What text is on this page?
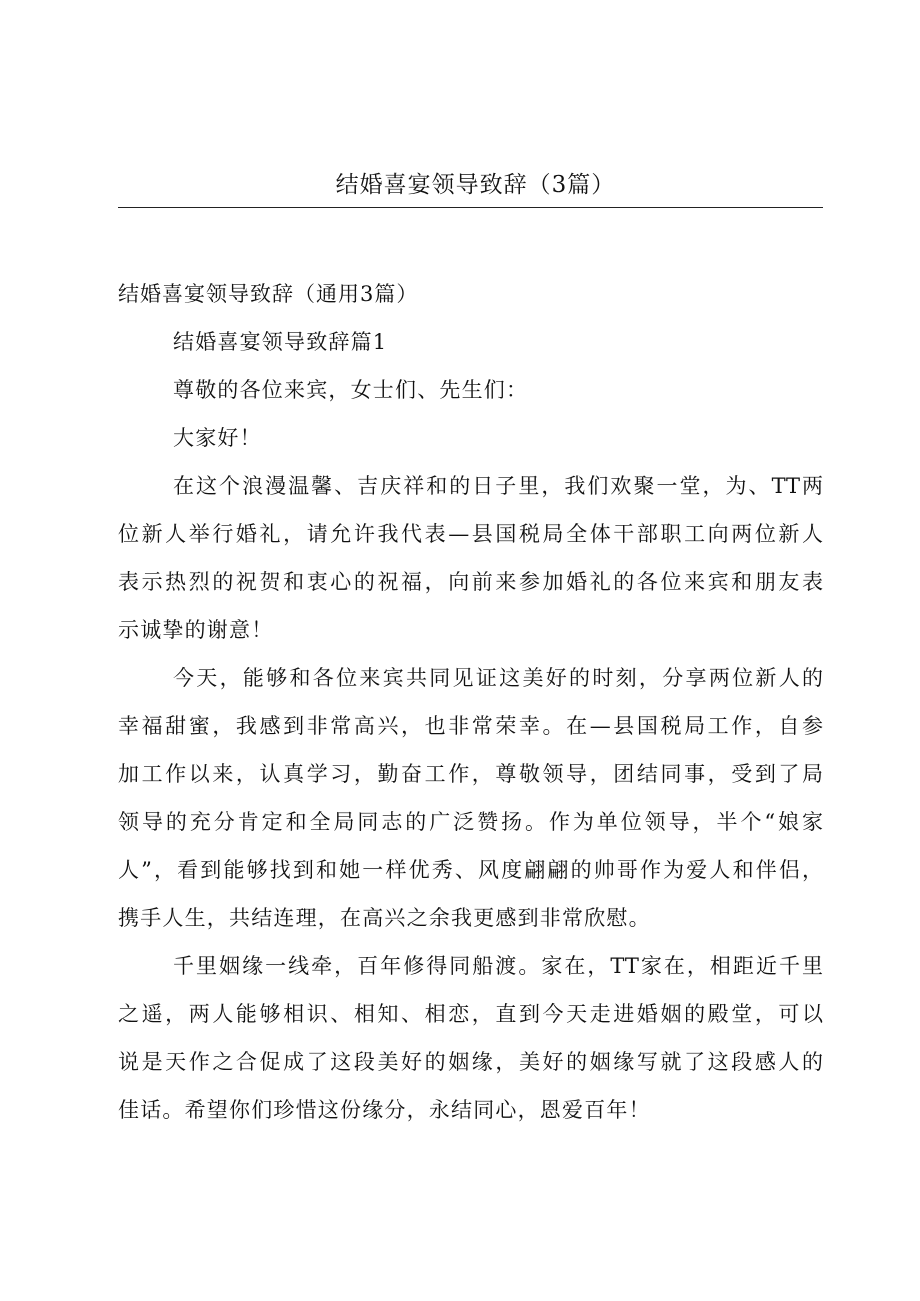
结婚喜宴领导致辞（3篇）

结婚喜宴领导致辞（通用3篇）

结婚喜宴领导致辞篇1

尊敬的各位来宾，女士们、先生们：

大家好！

在这个浪漫温馨、吉庆祥和的日子里，我们欢聚一堂，为、TT两

位新人举行婚礼，请允许我代表—县国税局全体干部职工向两位新人

表示热烈的祝贺和衷心的祝福，向前来参加婚礼的各位来宾和朋友表

示诚挚的谢意！

今天，能够和各位来宾共同见证这美好的时刻，分享两位新人的

幸福甜蜜，我感到非常高兴，也非常荣幸。在—县国税局工作，自参

加工作以来，认真学习，勤奋工作，尊敬领导，团结同事，受到了局

领导的充分肯定和全局同志的广泛赞扬。作为单位领导，半个“娘家

人”，看到能够找到和她一样优秀、风度翩翩的帅哥作为爱人和伴侣，

携手人生，共结连理，在高兴之余我更感到非常欣慰。

千里姻缘一线牵，百年修得同船渡。家在，TT家在，相距近千里

之遥，两人能够相识、相知、相恋，直到今天走进婚姻的殿堂，可以

说是天作之合促成了这段美好的姻缘，美好的姻缘写就了这段感人的

佳话。希望你们珍惜这份缘分，永结同心，恩爱百年！
